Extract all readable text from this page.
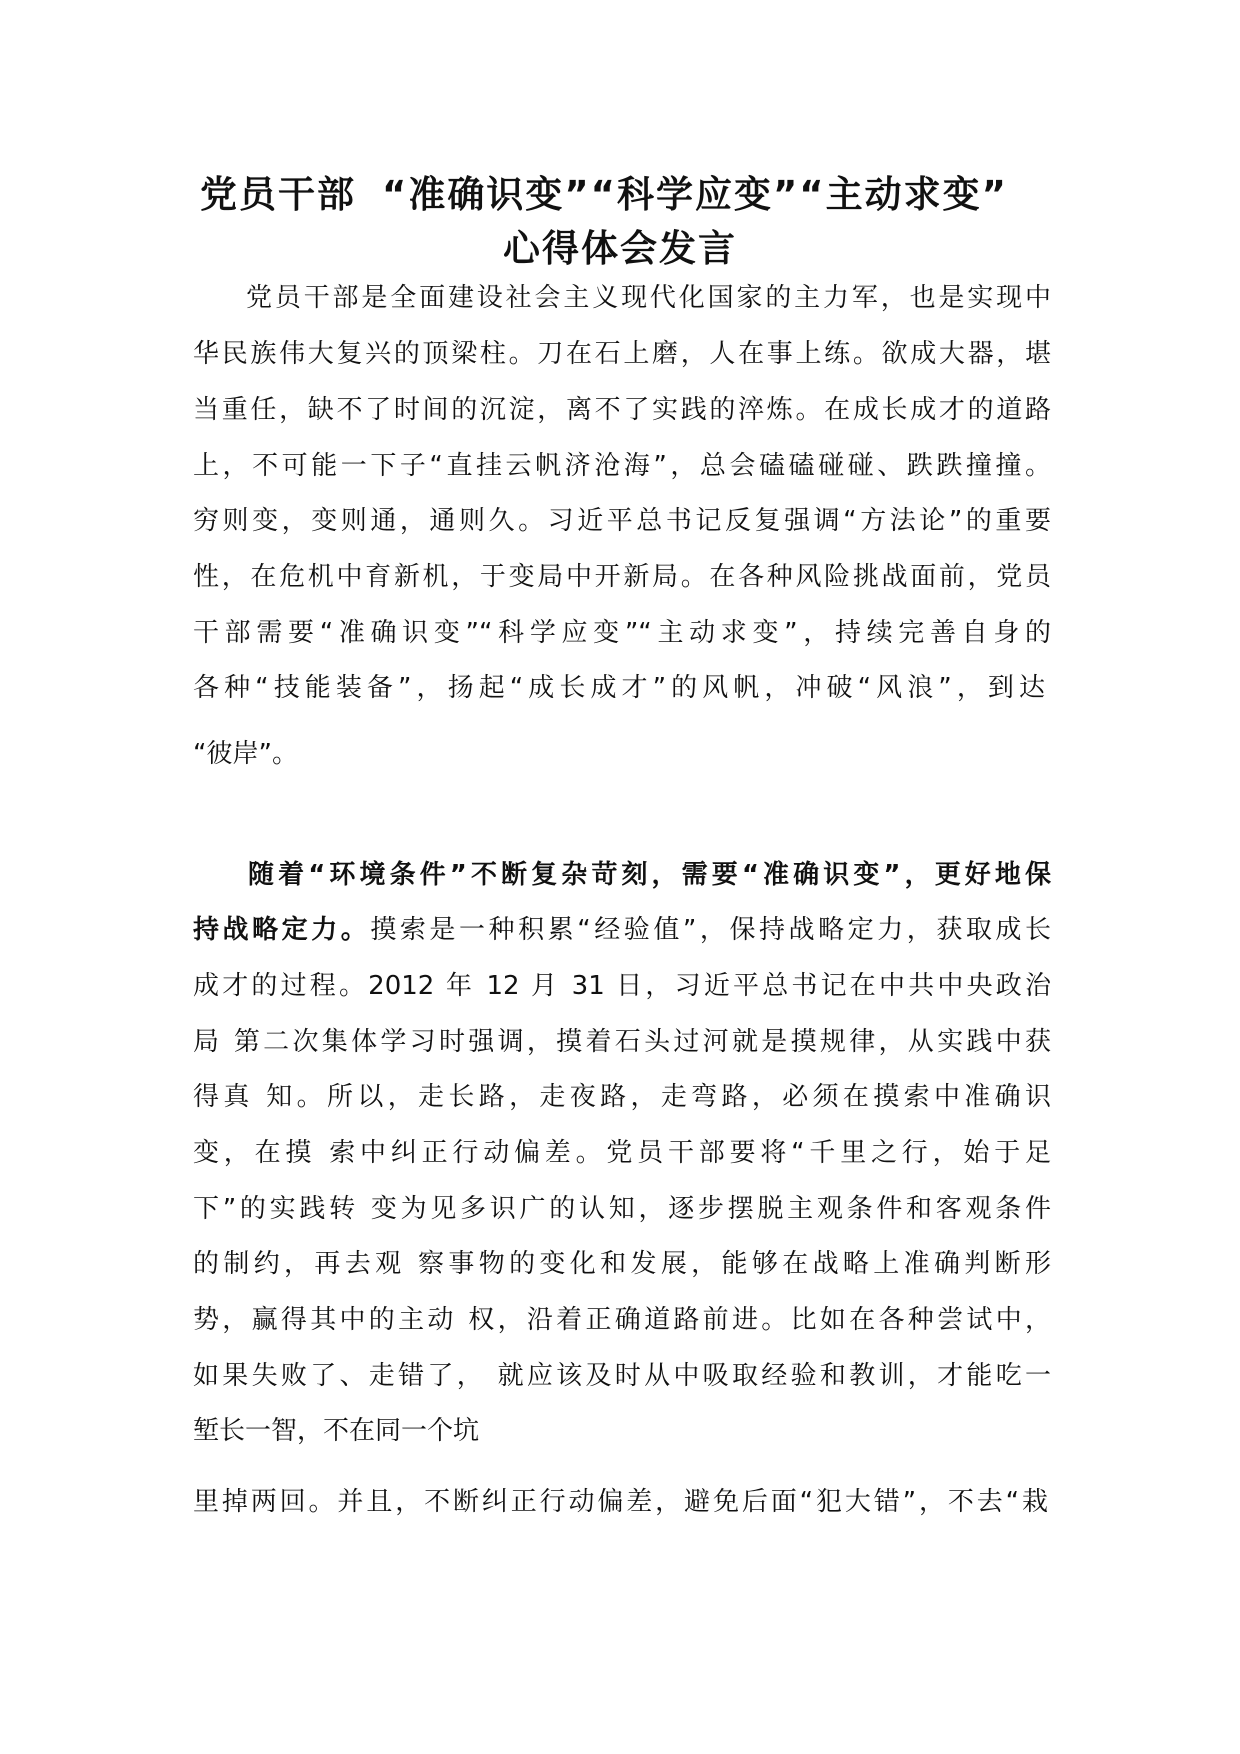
党员干部 “准确识变”“科学应变”“主动求变”
心得体会发言
党员干部是全面建设社会主义现代化国家的主力军，也是实现中
华民族伟大复兴的顶梁柱。刀在石上磨，人在事上练。欲成大器，堪
当重任，缺不了时间的沉淀，离不了实践的淬炼。在成长成才的道路
上，不可能一下子“直挂云帆济沧海”，总会磕磕碰碰、跌跌撞撞。
穷则变，变则通，通则久。习近平总书记反复强调“方法论”的重要
性，在危机中育新机，于变局中开新局。在各种风险挑战面前，党员
干部需要“准确识变”“科学应变”“主动求变”，持续完善自身的
各种“技能装备”，扬起“成长成才”的风帆，冲破“风浪”，到达
“彼岸”。
随着“环境条件”不断复杂苛刻，需要“准确识变”，更好地保
持战略定力。摸索是一种积累“经验值”，保持战略定力，获取成长
成才的过程。2012 年 12 月 31 日，习近平总书记在中共中央政治
局 第二次集体学习时强调，摸着石头过河就是摸规律，从实践中获
得真 知。所以，走长路，走夜路，走弯路，必须在摸索中准确识
变，在摸 索中纠正行动偏差。党员干部要将“千里之行，始于足
下”的实践转 变为见多识广的认知，逐步摆脱主观条件和客观条件
的制约，再去观 察事物的变化和发展，能够在战略上准确判断形
势，赢得其中的主动 权，沿着正确道路前进。比如在各种尝试中，
如果失败了、走错了， 就应该及时从中吸取经验和教训，才能吃一
堑长一智，不在同一个坑
里掉两回。并且，不断纠正行动偏差，避免后面“犯大错”，不去“栽
